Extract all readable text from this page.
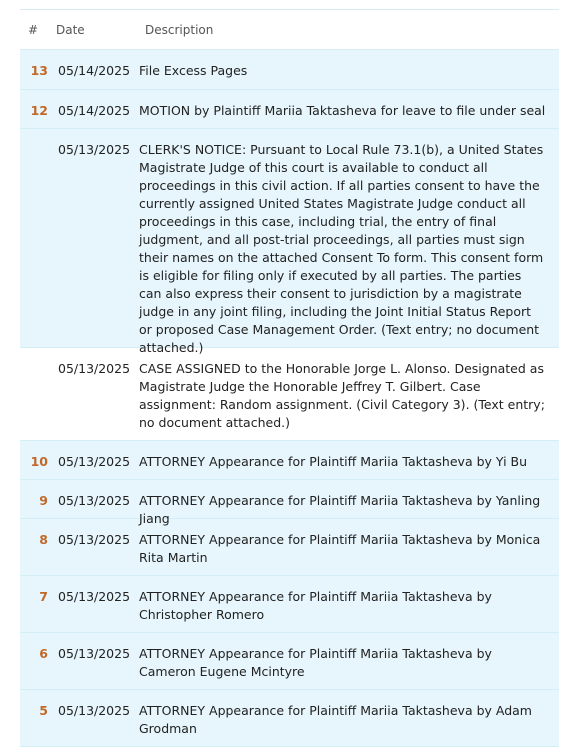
#	Date	Description
13 05/14/2025 File Excess Pages
12 05/14/2025 MOTION by Plaintiff Mariia Taktasheva for leave to file under seal
05/13/2025 CLERK'S NOTICE: Pursuant to Local Rule 73.1(b), a United States Magistrate Judge of this court is available to conduct all proceedings in this civil action. If all parties consent to have the currently assigned United States Magistrate Judge conduct all proceedings in this case, including trial, the entry of final judgment, and all post-trial proceedings, all parties must sign their names on the attached Consent To form. This consent form is eligible for filing only if executed by all parties. The parties can also express their consent to jurisdiction by a magistrate judge in any joint filing, including the Joint Initial Status Report or proposed Case Management Order. (Text entry; no document attached.)
05/13/2025 CASE ASSIGNED to the Honorable Jorge L. Alonso. Designated as Magistrate Judge the Honorable Jeffrey T. Gilbert. Case assignment: Random assignment. (Civil Category 3). (Text entry; no document attached.)
10 05/13/2025 ATTORNEY Appearance for Plaintiff Mariia Taktasheva by Yi Bu
9 05/13/2025 ATTORNEY Appearance for Plaintiff Mariia Taktasheva by Yanling Jiang
8 05/13/2025 ATTORNEY Appearance for Plaintiff Mariia Taktasheva by Monica Rita Martin
7 05/13/2025 ATTORNEY Appearance for Plaintiff Mariia Taktasheva by Christopher Romero
6 05/13/2025 ATTORNEY Appearance for Plaintiff Mariia Taktasheva by Cameron Eugene Mcintyre
5 05/13/2025 ATTORNEY Appearance for Plaintiff Mariia Taktasheva by Adam Grodman
